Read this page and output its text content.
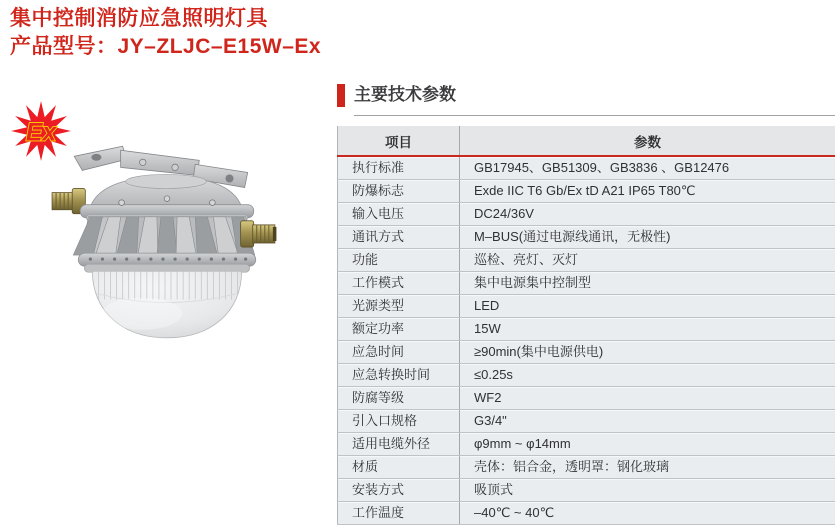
集中控制消防应急照明灯具
产品型号：JY–ZLJC–E15W–Ex
Ex
主要技术参数
项目	参数
执行标准	GB17945、GB51309、GB3836 、GB12476
防爆标志	Exde IIC T6 Gb/Ex tD A21 IP65 T80℃
输入电压	DC24/36V
通讯方式	M–BUS(通过电源线通讯，无极性)
功能	巡检、亮灯、灭灯
工作模式	集中电源集中控制型
光源类型	LED
额定功率	15W
应急时间	≥90min(集中电源供电)
应急转换时间	≤0.25s
防腐等级	WF2
引入口规格	G3/4"
适用电缆外径	φ9mm ~ φ14mm
材质	壳体：铝合金，透明罩：钢化玻璃
安装方式	吸顶式
工作温度	–40℃ ~ 40℃
